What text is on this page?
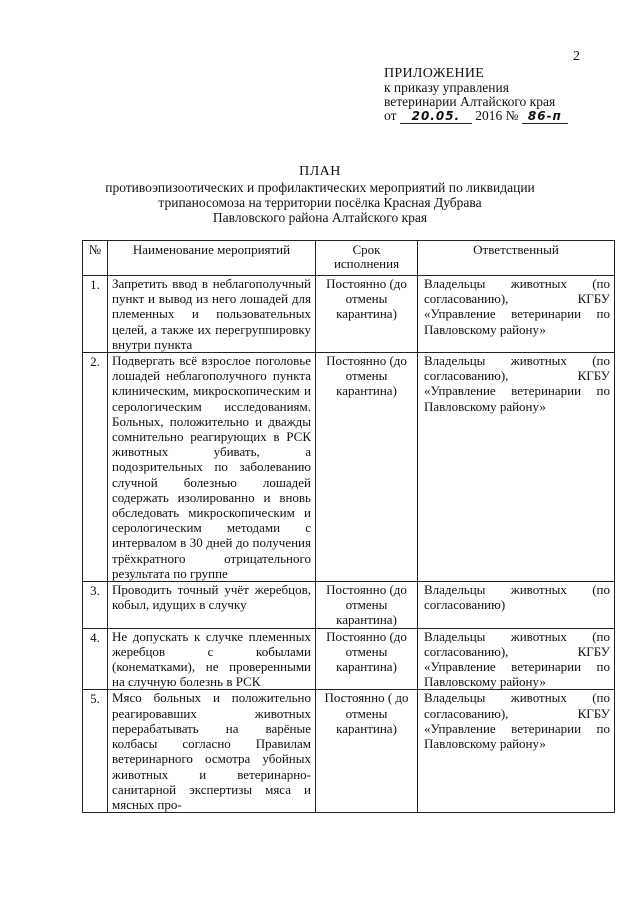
2
ПРИЛОЖЕНИЕ
к приказу управления
ветеринарии Алтайского края
от 20.05. 2016 № 86-п
ПЛАН
противоэпизоотических и профилактических мероприятий по ликвидации
трипаносомоза на территории посёлка Красная Дубрава
Павловского района Алтайского края
№	Наименование мероприятий	Срок исполнения	Ответственный
1.	Запретить ввод в неблагополучный пункт и вывод из него лошадей для племенных и пользовательных целей, а также их перегруппировку внутри пункта	Постоянно (до отмены карантина)	Владельцы животных (по согласованию), КГБУ «Управление ветеринарии по Павловскому району»
2.	Подвергать всё взрослое поголовье лошадей неблагополучного пункта клиническим, микроскопическим и серологическим исследованиям. Больных, положительно и дважды сомнительно реагирующих в РСК животных убивать, а подозрительных по заболеванию случной болезнью лошадей содержать изолированно и вновь обследовать микроскопическим и серологическим методами с интервалом в 30 дней до получения трёхкратного отрицательного результата по группе	Постоянно (до отмены карантина)	Владельцы животных (по согласованию), КГБУ «Управление ветеринарии по Павловскому району»
3.	Проводить точный учёт жеребцов, кобыл, идущих в случку	Постоянно (до отмены карантина)	Владельцы животных (по согласованию)
4.	Не допускать к случке племенных жеребцов с кобылами (конематками), не проверенными на случную болезнь в РСК	Постоянно (до отмены карантина)	Владельцы животных (по согласованию), КГБУ «Управление ветеринарии по Павловскому району»
5.	Мясо больных и положительно реагировавших животных перерабатывать на варёные колбасы согласно Правилам ветеринарного осмотра убойных животных и ветеринарно-санитарной экспертизы мяса и мясных про-	Постоянно ( до отмены карантина)	Владельцы животных (по согласованию), КГБУ «Управление ветеринарии по Павловскому району»
